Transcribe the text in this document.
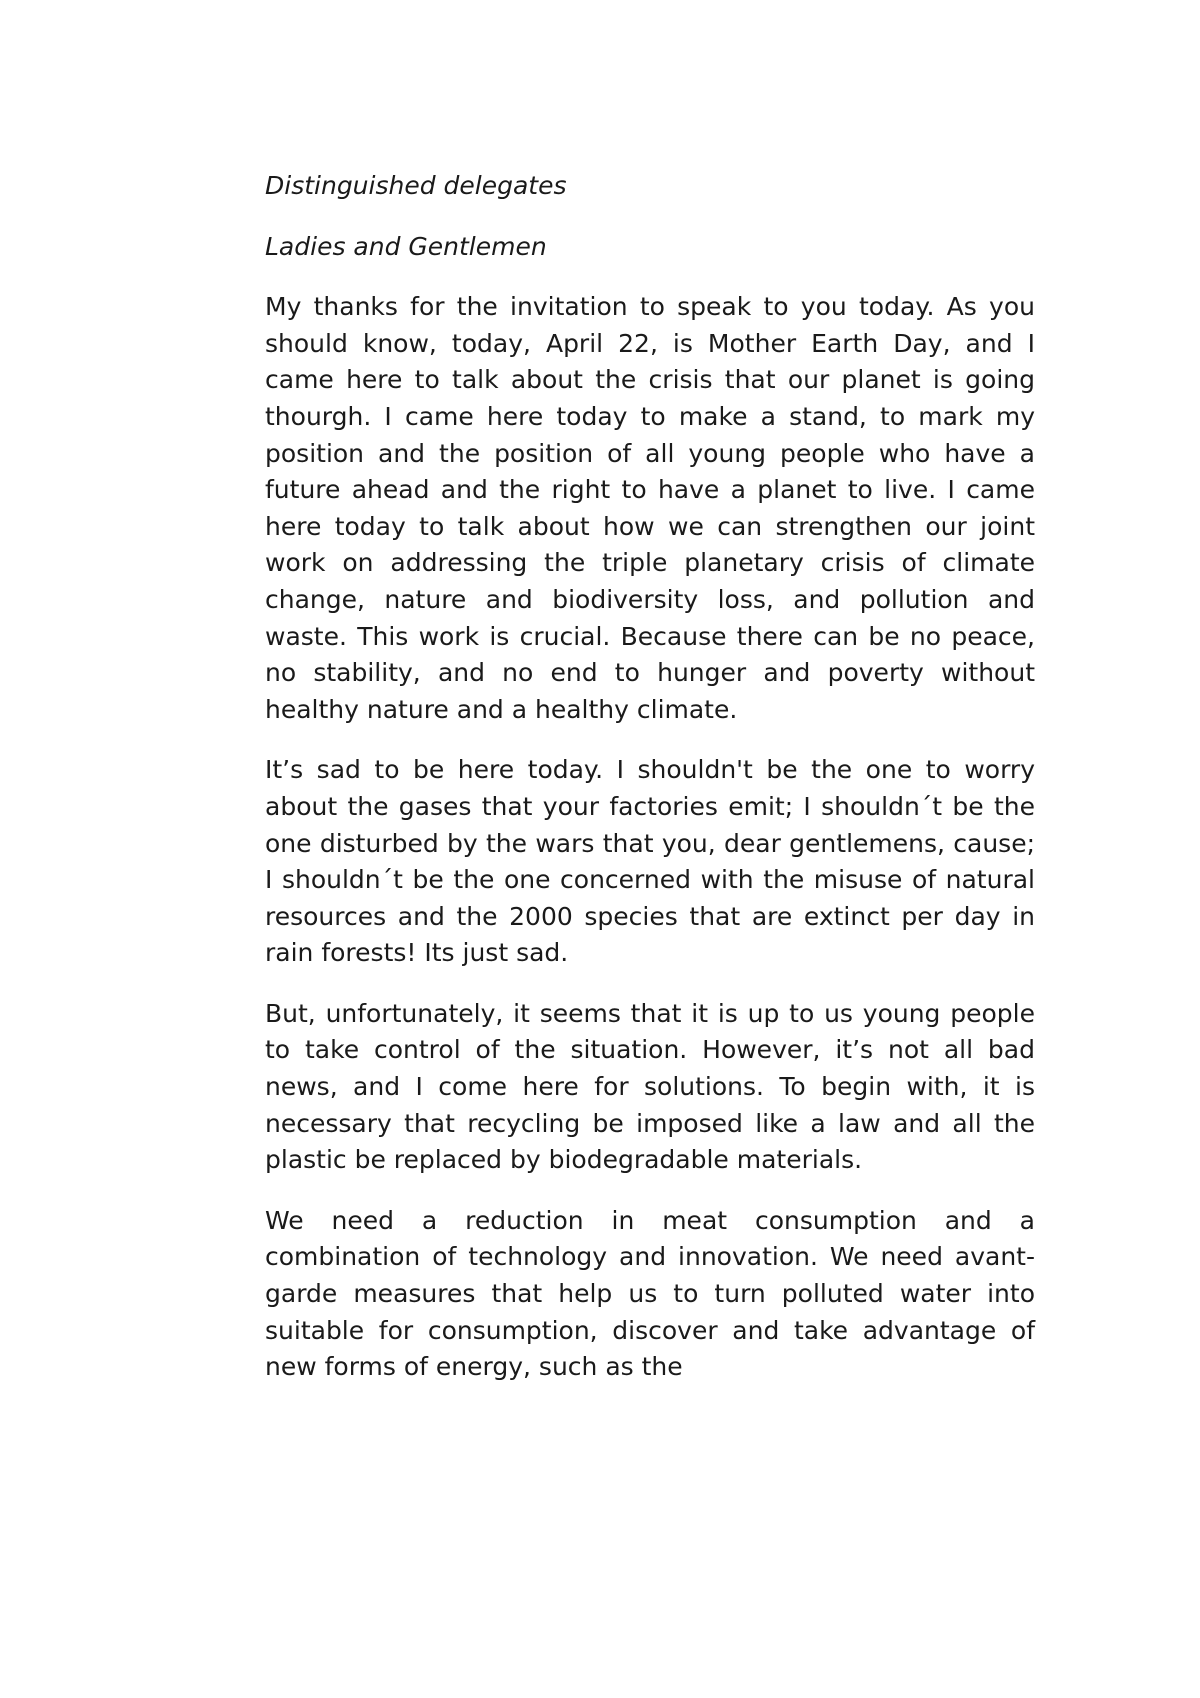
Distinguished delegates

Ladies and Gentlemen

My thanks for the invitation to speak to you today. As you should know, today, April 22, is Mother Earth Day, and I came here to talk about the crisis that our planet is going thourgh. I came here today to make a stand, to mark my position and the position of all young people who have a future ahead and the right to have a planet to live. I came here today to talk about how we can strengthen our joint work on addressing the triple planetary crisis of climate change, nature and biodiversity loss, and pollution and waste. This work is crucial. Because there can be no peace, no stability, and no end to hunger and poverty without healthy nature and a healthy climate.

It’s sad to be here today. I shouldn't be the one to worry about the gases that your factories emit; I shouldn´t be the one disturbed by the wars that you, dear gentlemens, cause; I shouldn´t be the one concerned with the misuse of natural resources and the 2000 species that are extinct per day in rain forests! Its just sad.

But, unfortunately, it seems that it is up to us young people to take control of the situation. However, it’s not all bad news, and I come here for solutions. To begin with, it is necessary that recycling be imposed like a law and all the plastic be replaced by biodegradable materials.

We need a reduction in meat consumption and a combination of technology and innovation. We need avant-garde measures that help us to turn polluted water into suitable for consumption, discover and take advantage of new forms of energy, such as the
